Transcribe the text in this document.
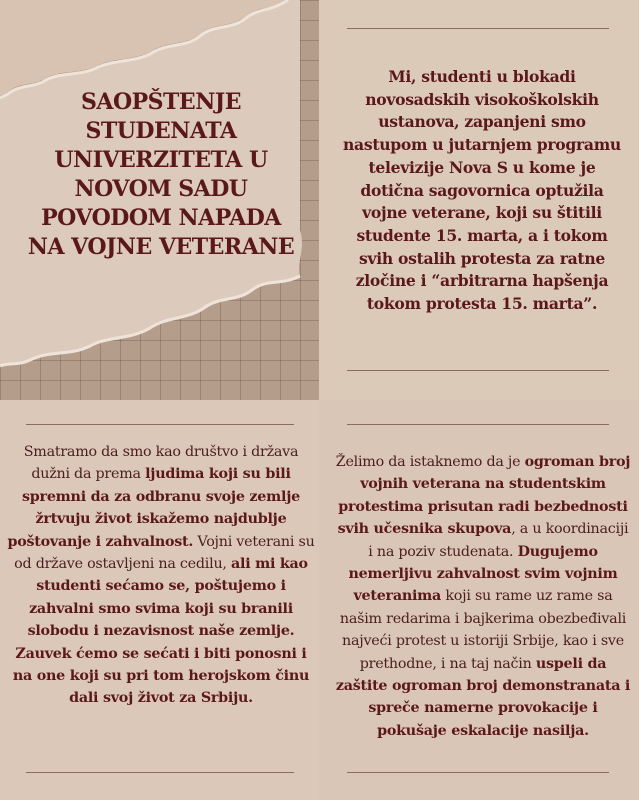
SAOPŠTENJE STUDENATA UNIVERZITETA U NOVOM SADU POVODOM NAPADA NA VOJNE VETERANE
Mi, studenti u blokadi novosadskih visokoškolskih ustanova, zapanjeni smo nastupom u jutarnjem programu televizije Nova S u kome je dotična sagovornica optužila vojne veterane, koji su štitili studente 15. marta, a i tokom svih ostalih protesta za ratne zločine i “arbitrarna hapšenja tokom protesta 15. marta”.
Smatramo da smo kao društvo i država dužni da prema ljudima koji su bili spremni da za odbranu svoje zemlje žrtvuju život iskažemo najdublje poštovanje i zahvalnost. Vojni veterani su od države ostavljeni na cedilu, ali mi kao studenti sećamo se, poštujemo i zahvalni smo svima koji su branili slobodu i nezavisnost naše zemlje. Zauvek ćemo se sećati i biti ponosni i na one koji su pri tom herojskom činu dali svoj život za Srbiju.
Želimo da istaknemo da je ogroman broj vojnih veterana na studentskim protestima prisutan radi bezbednosti svih učesnika skupova, a u koordinaciji i na poziv studenata. Dugujemo nemerljivu zahvalnost svim vojnim veteranima koji su rame uz rame sa našim redarima i bajkerima obezbeđivali najveći protest u istoriji Srbije, kao i sve prethodne, i na taj način uspeli da zaštite ogroman broj demonstranata i spreče namerne provokacije i pokušaje eskalacije nasilja.
